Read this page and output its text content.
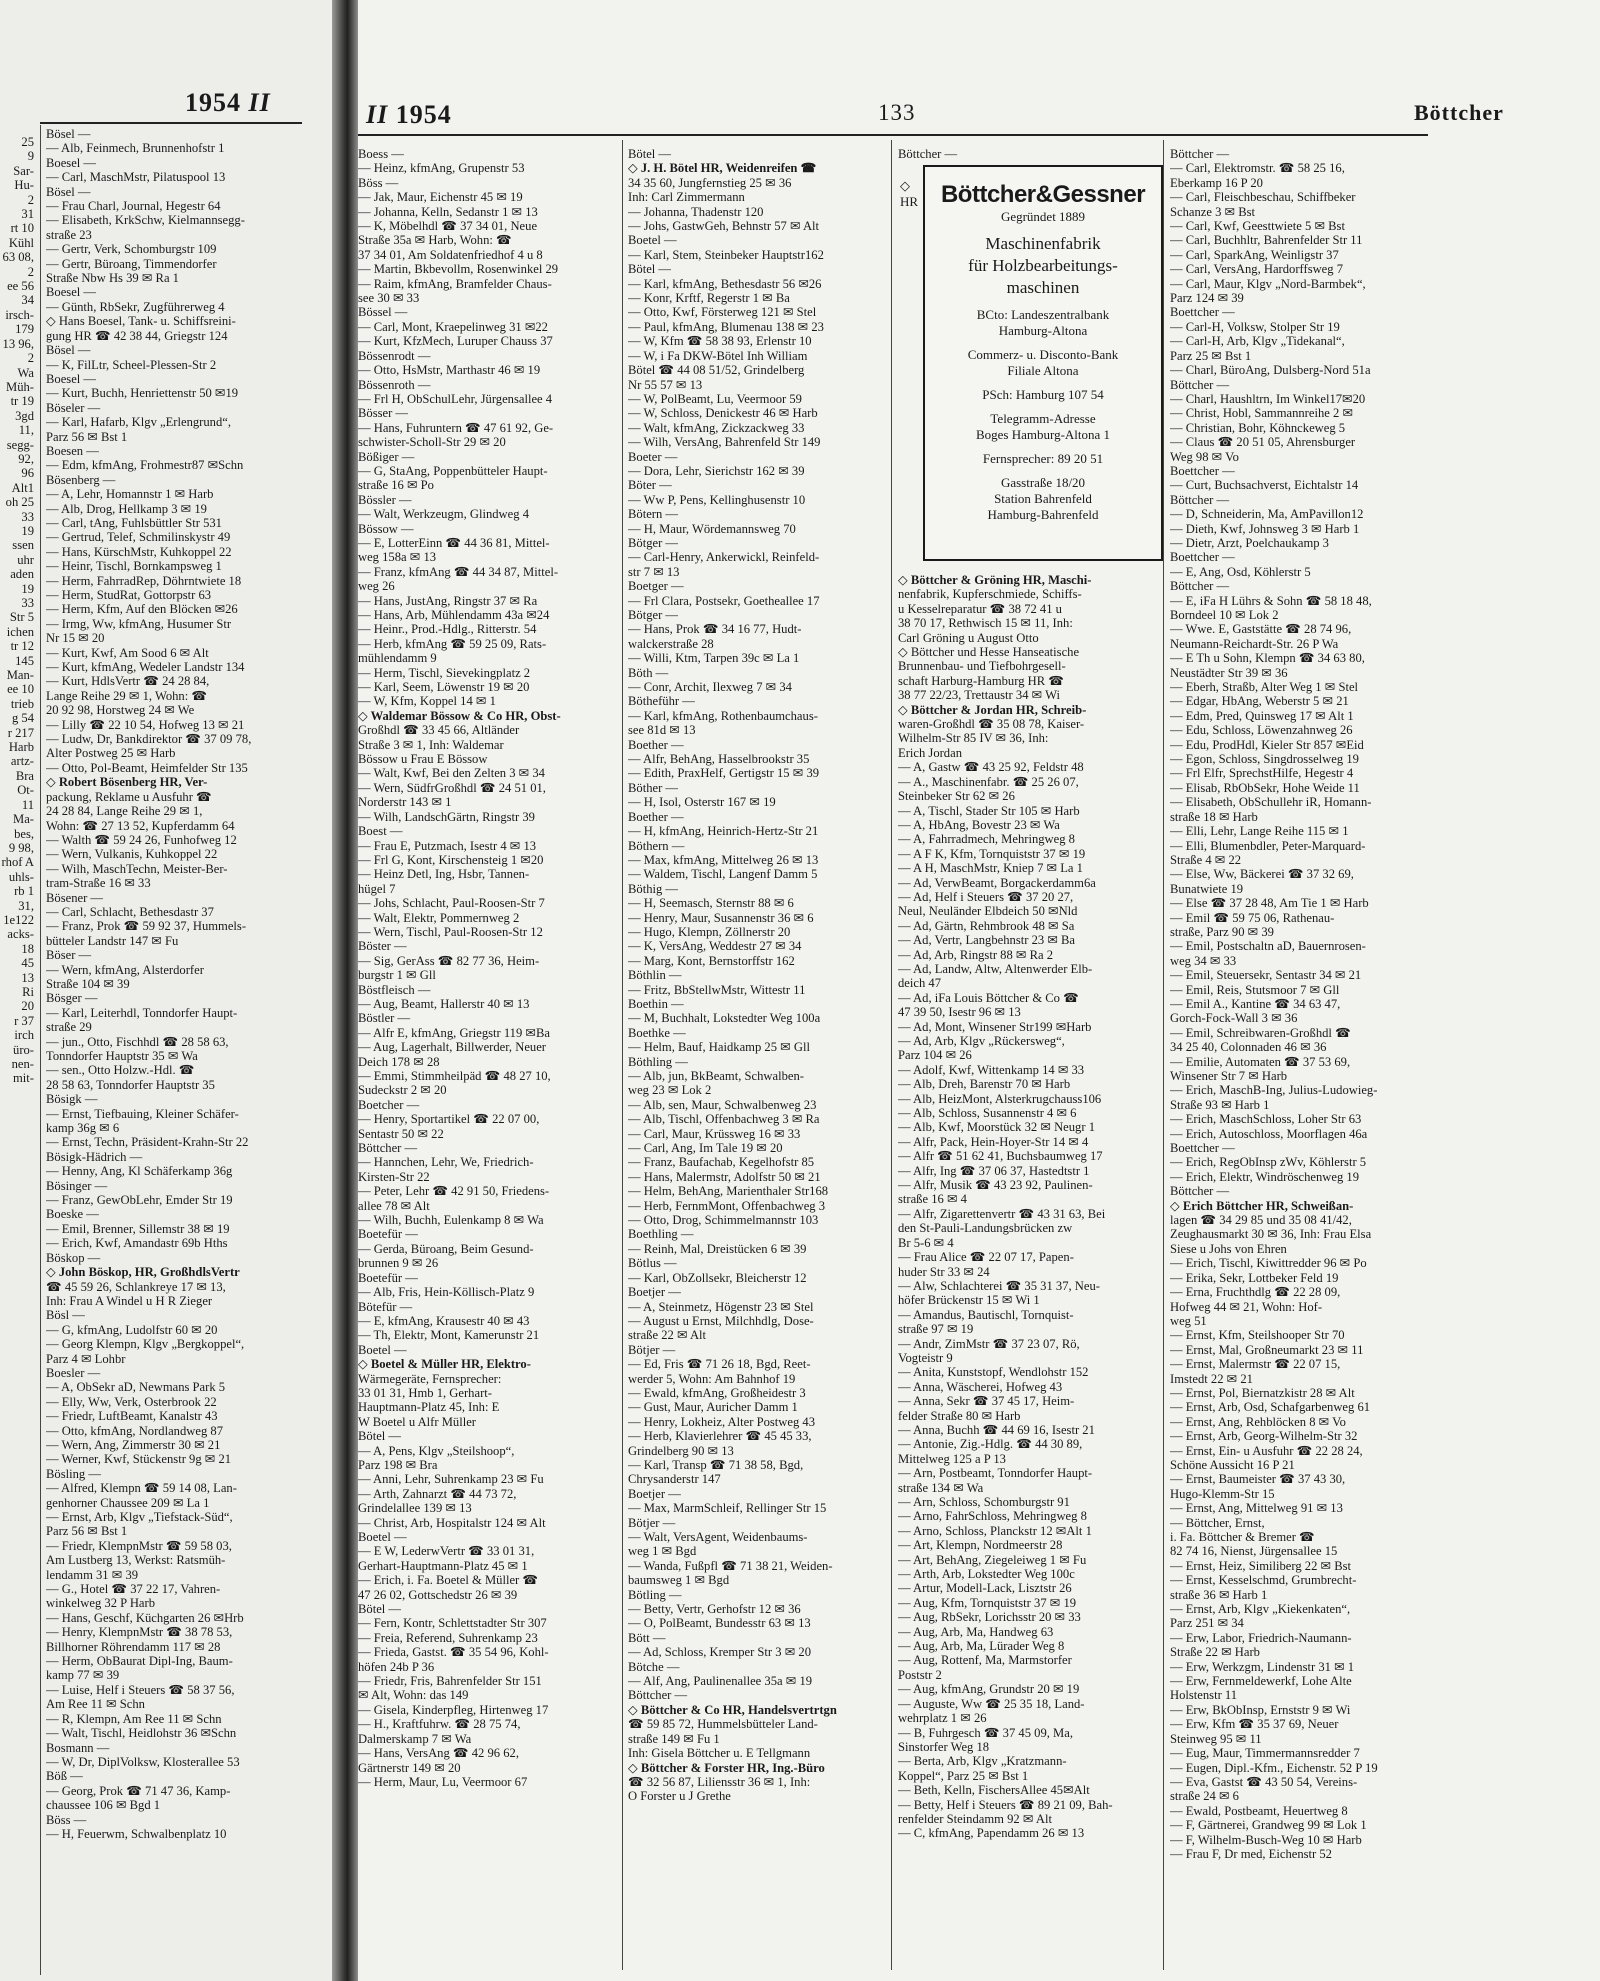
25
9
Sar-
Hu-
2
31
rt 10
Kühl
63 08,
2
ee 56
34
irsch-
179
13 96,
2
Wa
Müh-
tr 19
3gd
11,
segg-
92,
96
Alt1
oh 25
33
19
ssen
uhr
aden
19
33
Str 5
ichen
tr 12
145
Man-
ee 10
trieb
g 54
r 217
Harb
artz-
Bra
Ot-
11
Ma-
bes,
9 98,
rhof A
uhls-
rb 1
31,
1e122
acks-
18
45
13
Ri
20
r 37
irch
üro-
nen-
mit-
1954 II
Bösel —
— Alb, Feinmech, Brunnenhofstr 1
Boesel —
— Carl, MaschMstr, Pilatuspool 13
Bösel —
— Frau Charl, Journal, Hegestr 64
— Elisabeth, KrkSchw, Kielmannsegg-
straße 23
— Gertr, Verk, Schomburgstr 109
— Gertr, Büroang, Timmendorfer
Straße Nbw Hs 39 ✉ Ra 1
Boesel —
— Günth, RbSekr, Zugführerweg 4
◇ Hans Boesel, Tank- u. Schiffsreini-
gung HR ☎ 42 38 44, Griegstr 124
Bösel —
— K, FilLtr, Scheel-Plessen-Str 2
Boesel —
— Kurt, Buchh, Henriettenstr 50 ✉19
Böseler —
— Karl, Hafarb, Klgv „Erlengrund“,
Parz 56 ✉ Bst 1
Boesen —
— Edm, kfmAng, Frohmestr87 ✉Schn
Bösenberg —
— A, Lehr, Homannstr 1 ✉ Harb
— Alb, Drog, Hellkamp 3 ✉ 19
— Carl, tAng, Fuhlsbüttler Str 531
— Gertrud, Telef, Schmilinskystr 49
— Hans, KürschMstr, Kuhkoppel 22
— Heinr, Tischl, Bornkampsweg 1
— Herm, FahrradRep, Döhrntwiete 18
— Herm, StudRat, Gottorpstr 63
— Herm, Kfm, Auf den Blöcken ✉26
— Irmg, Ww, kfmAng, Husumer Str
Nr 15 ✉ 20
— Kurt, Kwf, Am Sood 6 ✉ Alt
— Kurt, kfmAng, Wedeler Landstr 134
— Kurt, HdlsVertr ☎ 24 28 84,
Lange Reihe 29 ✉ 1, Wohn: ☎
20 92 98, Horstweg 24 ✉ We
— Lilly ☎ 22 10 54, Hofweg 13 ✉ 21
— Ludw, Dr, Bankdirektor ☎ 37 09 78,
Alter Postweg 25 ✉ Harb
— Otto, Pol-Beamt, Heimfelder Str 135
◇ Robert Bösenberg HR, Ver-
packung, Reklame u Ausfuhr ☎
24 28 84, Lange Reihe 29 ✉ 1,
Wohn: ☎ 27 13 52, Kupferdamm 64
— Walth ☎ 59 24 26, Funhofweg 12
— Wern, Vulkanis, Kuhkoppel 22
— Wilh, MaschTechn, Meister-Ber-
tram-Straße 16 ✉ 33
Bösener —
— Carl, Schlacht, Bethesdastr 37
— Franz, Prok ☎ 59 92 37, Hummels-
bütteler Landstr 147 ✉ Fu
Böser —
— Wern, kfmAng, Alsterdorfer
Straße 104 ✉ 39
Bösger —
— Karl, Leiterhdl, Tonndorfer Haupt-
straße 29
— jun., Otto, Fischhdl ☎ 28 58 63,
Tonndorfer Hauptstr 35 ✉ Wa
— sen., Otto Holzw.-Hdl. ☎
28 58 63, Tonndorfer Hauptstr 35
Bösigk —
— Ernst, Tiefbauing, Kleiner Schäfer-
kamp 36g ✉ 6
— Ernst, Techn, Präsident-Krahn-Str 22
Bösigk-Hädrich —
— Henny, Ang, Kl Schäferkamp 36g
Bösinger —
— Franz, GewObLehr, Emder Str 19
Boeske —
— Emil, Brenner, Sillemstr 38 ✉ 19
— Erich, Kwf, Amandastr 69b Hths
Böskop —
◇ John Böskop, HR, GroßhdlsVertr
☎ 45 59 26, Schlankreye 17 ✉ 13,
Inh: Frau A Windel u H R Zieger
Bösl —
— G, kfmAng, Ludolfstr 60 ✉ 20
— Georg Klempn, Klgv „Bergkoppel“,
Parz 4 ✉ Lohbr
Boesler —
— A, ObSekr aD, Newmans Park 5
— Elly, Ww, Verk, Osterbrook 22
— Friedr, LuftBeamt, Kanalstr 43
— Otto, kfmAng, Nordlandweg 87
— Wern, Ang, Zimmerstr 30 ✉ 21
— Werner, Kwf, Stückenstr 9g ✉ 21
Bösling —
— Alfred, Klempn ☎ 59 14 08, Lan-
genhorner Chaussee 209 ✉ La 1
— Ernst, Arb, Klgv „Tiefstack-Süd“,
Parz 56 ✉ Bst 1
— Friedr, KlempnMstr ☎ 59 58 03,
Am Lustberg 13, Werkst: Ratsmüh-
lendamm 31 ✉ 39
— G., Hotel ☎ 37 22 17, Vahren-
winkelweg 32 P Harb
— Hans, Geschf, Küchgarten 26 ✉Hrb
— Henry, KlempnMstr ☎ 38 78 53,
Billhorner Röhrendamm 117 ✉ 28
— Herm, ObBaurat Dipl-Ing, Baum-
kamp 77 ✉ 39
— Luise, Helf i Steuers ☎ 58 37 56,
Am Ree 11 ✉ Schn
— R, Klempn, Am Ree 11 ✉ Schn
— Walt, Tischl, Heidlohstr 36 ✉Schn
Bosmann —
— W, Dr, DiplVolksw, Klosterallee 53
Böß —
— Georg, Prok ☎ 71 47 36, Kamp-
chaussee 106 ✉ Bgd 1
Böss —
— H, Feuerwm, Schwalbenplatz 10
II 1954	133	Böttcher
Boess —
— Heinz, kfmAng, Grupenstr 53
Böss —
— Jak, Maur, Eichenstr 45 ✉ 19
— Johanna, Kelln, Sedanstr 1 ✉ 13
— K, Möbelhdl ☎ 37 34 01, Neue
Straße 35a ✉ Harb, Wohn: ☎
37 34 01, Am Soldatenfriedhof 4 u 8
— Martin, Bkbevollm, Rosenwinkel 29
— Raim, kfmAng, Bramfelder Chaus-
see 30 ✉ 33
Bössel —
— Carl, Mont, Kraepelinweg 31 ✉22
— Kurt, KfzMech, Luruper Chauss 37
Bössenrodt —
— Otto, HsMstr, Marthastr 46 ✉ 19
Bössenroth —
— Frl H, ObSchulLehr, Jürgensallee 4
Bösser —
— Hans, Fuhruntern ☎ 47 61 92, Ge-
schwister-Scholl-Str 29 ✉ 20
Bößiger —
— G, StaAng, Poppenbütteler Haupt-
straße 16 ✉ Po
Bössler —
— Walt, Werkzeugm, Glindweg 4
Bössow —
— E, LotterEinn ☎ 44 36 81, Mittel-
weg 158a ✉ 13
— Franz, kfmAng ☎ 44 34 87, Mittel-
weg 26
— Hans, JustAng, Ringstr 37 ✉ Ra
— Hans, Arb, Mühlendamm 43a ✉24
— Heinr., Prod.-Hdlg., Ritterstr. 54
— Herb, kfmAng ☎ 59 25 09, Rats-
mühlendamm 9
— Herm, Tischl, Sievekingplatz 2
— Karl, Seem, Löwenstr 19 ✉ 20
— W, Kfm, Koppel 14 ✉ 1
◇ Waldemar Bössow & Co HR, Obst-
Großhdl ☎ 33 45 66, Altländer
Straße 3 ✉ 1, Inh: Waldemar
Bössow u Frau E Bössow
— Walt, Kwf, Bei den Zelten 3 ✉ 34
— Wern, SüdfrGroßhdl ☎ 24 51 01,
Norderstr 143 ✉ 1
— Wilh, LandschGärtn, Ringstr 39
Boest —
— Frau E, Putzmach, Isestr 4 ✉ 13
— Frl G, Kont, Kirschensteig 1 ✉20
— Heinz Detl, Ing, Hsbr, Tannen-
hügel 7
— Johs, Schlacht, Paul-Roosen-Str 7
— Walt, Elektr, Pommernweg 2
— Wern, Tischl, Paul-Roosen-Str 12
Böster —
— Sig, GerAss ☎ 82 77 36, Heim-
burgstr 1 ✉ Gll
Böstfleisch —
— Aug, Beamt, Hallerstr 40 ✉ 13
Böstler —
— Alfr E, kfmAng, Griegstr 119 ✉Ba
— Aug, Lagerhalt, Billwerder, Neuer
Deich 178 ✉ 28
— Emmi, Stimmheilpäd ☎ 48 27 10,
Sudeckstr 2 ✉ 20
Boetcher —
— Henry, Sportartikel ☎ 22 07 00,
Sentastr 50 ✉ 22
Böttcher —
— Hannchen, Lehr, We, Friedrich-
Kirsten-Str 22
— Peter, Lehr ☎ 42 91 50, Friedens-
allee 78 ✉ Alt
— Wilh, Buchh, Eulenkamp 8 ✉ Wa
Boetefür —
— Gerda, Büroang, Beim Gesund-
brunnen 9 ✉ 26
Boetefür —
— Alb, Fris, Hein-Köllisch-Platz 9
Bötefür —
— E, kfmAng, Krausestr 40 ✉ 43
— Th, Elektr, Mont, Kamerunstr 21
Boetel —
◇ Boetel & Müller HR, Elektro-
Wärmegeräte, Fernsprecher:
33 01 31, Hmb 1, Gerhart-
Hauptmann-Platz 45, Inh: E
W Boetel u Alfr Müller
Bötel —
— A, Pens, Klgv „Steilshoop“,
Parz 198 ✉ Bra
— Anni, Lehr, Suhrenkamp 23 ✉ Fu
— Arth, Zahnarzt ☎ 44 73 72,
Grindelallee 139 ✉ 13
— Christ, Arb, Hospitalstr 124 ✉ Alt
Boetel —
— E W, LederwVertr ☎ 33 01 31,
Gerhart-Hauptmann-Platz 45 ✉ 1
— Erich, i. Fa. Boetel & Müller ☎
47 26 02, Gottschedstr 26 ✉ 39
Bötel —
— Fern, Kontr, Schlettstadter Str 307
— Freia, Referend, Suhrenkamp 23
— Frieda, Gastst. ☎ 35 54 96, Kohl-
höfen 24b P 36
— Friedr, Fris, Bahrenfelder Str 151
✉ Alt, Wohn: das 149
— Gisela, Kinderpfleg, Hirtenweg 17
— H., Kraftfuhrw. ☎ 28 75 74,
Dalmerskamp 7 ✉ Wa
— Hans, VersAng ☎ 42 96 62,
Gärtnerstr 149 ✉ 20
— Herm, Maur, Lu, Veermoor 67
Bötel —
◇ J. H. Bötel HR, Weidenreifen ☎
34 35 60, Jungfernstieg 25 ✉ 36
Inh: Carl Zimmermann
— Johanna, Thadenstr 120
— Johs, GastwGeh, Behnstr 57 ✉ Alt
Boetel —
— Karl, Stem, Steinbeker Hauptstr162
Bötel —
— Karl, kfmAng, Bethesdastr 56 ✉26
— Konr, Krftf, Regerstr 1 ✉ Ba
— Otto, Kwf, Försterweg 121 ✉ Stel
— Paul, kfmAng, Blumenau 138 ✉ 23
— W, Kfm ☎ 58 38 93, Erlenstr 10
— W, i Fa DKW-Bötel Inh William
Bötel ☎ 44 08 51/52, Grindelberg
Nr 55 57 ✉ 13
— W, PolBeamt, Lu, Veermoor 59
— W, Schloss, Denickestr 46 ✉ Harb
— Walt, kfmAng, Zickzackweg 33
— Wilh, VersAng, Bahrenfeld Str 149
Boeter —
— Dora, Lehr, Sierichstr 162 ✉ 39
Böter —
— Ww P, Pens, Kellinghusenstr 10
Bötern —
— H, Maur, Wördemannsweg 70
Bötger —
— Carl-Henry, Ankerwickl, Reinfeld-
str 7 ✉ 13
Boetger —
— Frl Clara, Postsekr, Goetheallee 17
Bötger —
— Hans, Prok ☎ 34 16 77, Hudt-
walckerstraße 28
— Willi, Ktm, Tarpen 39c ✉ La 1
Böth —
— Conr, Archit, Ilexweg 7 ✉ 34
Bötheführ —
— Karl, kfmAng, Rothenbaumchaus-
see 81d ✉ 13
Boether —
— Alfr, BehAng, Hasselbrookstr 35
— Edith, PraxHelf, Gertigstr 15 ✉ 39
Böther —
— H, Isol, Osterstr 167 ✉ 19
Boether —
— H, kfmAng, Heinrich-Hertz-Str 21
Böthern —
— Max, kfmAng, Mittelweg 26 ✉ 13
— Waldem, Tischl, Langenf Damm 5
Böthig —
— H, Seemasch, Sternstr 88 ✉ 6
— Henry, Maur, Susannenstr 36 ✉ 6
— Hugo, Klempn, Zöllnerstr 20
— K, VersAng, Weddestr 27 ✉ 34
— Marg, Kont, Bernstorffstr 162
Böthlin —
— Fritz, BbStellwMstr, Wittestr 11
Boethin —
— M, Buchhalt, Lokstedter Weg 100a
Boethke —
— Helm, Bauf, Haidkamp 25 ✉ Gll
Böthling —
— Alb, jun, BkBeamt, Schwalben-
weg 23 ✉ Lok 2
— Alb, sen, Maur, Schwalbenweg 23
— Alb, Tischl, Offenbachweg 3 ✉ Ra
— Carl, Maur, Krüssweg 16 ✉ 33
— Carl, Ang, Im Tale 19 ✉ 20
— Franz, Baufachab, Kegelhofstr 85
— Hans, Malermstr, Adolfstr 50 ✉ 21
— Helm, BehAng, Marienthaler Str168
— Herb, FernmMont, Offenbachweg 3
— Otto, Drog, Schimmelmannstr 103
Boethling —
— Reinh, Mal, Dreistücken 6 ✉ 39
Bötlus —
— Karl, ObZollsekr, Bleicherstr 12
Boetjer —
— A, Steinmetz, Högenstr 23 ✉ Stel
— August u Ernst, Milchhdlg, Dose-
straße 22 ✉ Alt
Bötjer —
— Ed, Fris ☎ 71 26 18, Bgd, Reet-
werder 5, Wohn: Am Bahnhof 19
— Ewald, kfmAng, Großheidestr 3
— Gust, Maur, Auricher Damm 1
— Henry, Lokheiz, Alter Postweg 43
— Herb, Klavierlehrer ☎ 45 45 33,
Grindelberg 90 ✉ 13
— Karl, Transp ☎ 71 38 58, Bgd,
Chrysanderstr 147
Boetjer —
— Max, MarmSchleif, Rellinger Str 15
Bötjer —
— Walt, VersAgent, Weidenbaums-
weg 1 ✉ Bgd
— Wanda, Fußpfl ☎ 71 38 21, Weiden-
baumsweg 1 ✉ Bgd
Bötling —
— Betty, Vertr, Gerhofstr 12 ✉ 36
— O, PolBeamt, Bundesstr 63 ✉ 13
Bött —
— Ad, Schloss, Kremper Str 3 ✉ 20
Bötche —
— Alf, Ang, Paulinenallee 35a ✉ 19
Böttcher —
◇ Böttcher & Co HR, Handelsvertrtgn
☎ 59 85 72, Hummelsbütteler Land-
straße 149 ✉ Fu 1
Inh: Gisela Böttcher u. E Tellgmann
◇ Böttcher & Forster HR, Ing.-Büro
☎ 32 56 87, Liliensstr 36 ✉ 1, Inh:
O Forster u J Grethe
Böttcher —
◇
HR Böttcher&Gessner
Gegründet 1889
Maschinenfabrik
für Holzbearbeitungs-
maschinen
BCto: Landeszentralbank
Hamburg-Altona
Commerz- u. Disconto-Bank
Filiale Altona
PSch: Hamburg 107 54
Telegramm-Adresse
Boges Hamburg-Altona 1
Fernsprecher: 89 20 51
Gasstraße 18/20
Station Bahrenfeld
Hamburg-Bahrenfeld
◇ Böttcher & Gröning HR, Maschi-
nenfabrik, Kupferschmiede, Schiffs-
u Kesselreparatur ☎ 38 72 41 u
38 70 17, Rethwisch 15 ✉ 11, Inh:
Carl Gröning u August Otto
◇ Böttcher und Hesse Hanseatische
Brunnenbau- und Tiefbohrgesell-
schaft Harburg-Hamburg HR ☎
38 77 22/23, Trettaustr 34 ✉ Wi
◇ Böttcher & Jordan HR, Schreib-
waren-Großhdl ☎ 35 08 78, Kaiser-
Wilhelm-Str 85 IV ✉ 36, Inh:
Erich Jordan
— A, Gastw ☎ 43 25 92, Feldstr 48
— A., Maschinenfabr. ☎ 25 26 07,
Steinbeker Str 62 ✉ 26
— A, Tischl, Stader Str 105 ✉ Harb
— A, HbAng, Bovestr 23 ✉ Wa
— A, Fahrradmech, Mehringweg 8
— A F K, Kfm, Tornquiststr 37 ✉ 19
— A H, MaschMstr, Kniep 7 ✉ La 1
— Ad, VerwBeamt, Borgackerdamm6a
— Ad, Helf i Steuers ☎ 37 20 27,
Neul, Neuländer Elbdeich 50 ✉Nld
— Ad, Gärtn, Rehmbrook 48 ✉ Sa
— Ad, Vertr, Langbehnstr 23 ✉ Ba
— Ad, Arb, Ringstr 88 ✉ Ra 2
— Ad, Landw, Altw, Altenwerder Elb-
deich 47
— Ad, iFa Louis Böttcher & Co ☎
47 39 50, Isestr 96 ✉ 13
— Ad, Mont, Winsener Str199 ✉Harb
— Ad, Arb, Klgv „Rückersweg“,
Parz 104 ✉ 26
— Adolf, Kwf, Wittenkamp 14 ✉ 33
— Alb, Dreh, Barenstr 70 ✉ Harb
— Alb, HeizMont, Alsterkrugchauss106
— Alb, Schloss, Susannenstr 4 ✉ 6
— Alb, Kwf, Moorstück 32 ✉ Neugr 1
— Alfr, Pack, Hein-Hoyer-Str 14 ✉ 4
— Alfr ☎ 51 62 41, Buchsbaumweg 17
— Alfr, Ing ☎ 37 06 37, Hastedtstr 1
— Alfr, Musik ☎ 43 23 92, Paulinen-
straße 16 ✉ 4
— Alfr, Zigarettenvertr ☎ 43 31 63, Bei
den St-Pauli-Landungsbrücken zw
Br 5-6 ✉ 4
— Frau Alice ☎ 22 07 17, Papen-
huder Str 33 ✉ 24
— Alw, Schlachterei ☎ 35 31 37, Neu-
höfer Brückenstr 15 ✉ Wi 1
— Amandus, Bautischl, Tornquist-
straße 97 ✉ 19
— Andr, ZimMstr ☎ 37 23 07, Rö,
Vogteistr 9
— Anita, Kunststopf, Wendlohstr 152
— Anna, Wäscherei, Hofweg 43
— Anna, Sekr ☎ 37 45 17, Heim-
felder Straße 80 ✉ Harb
— Anna, Buchh ☎ 44 69 16, Isestr 21
— Antonie, Zig.-Hdlg. ☎ 44 30 89,
Mittelweg 125 a P 13
— Arn, Postbeamt, Tonndorfer Haupt-
straße 134 ✉ Wa
— Arn, Schloss, Schomburgstr 91
— Arno, FahrSchloss, Mehringweg 8
— Arno, Schloss, Planckstr 12 ✉Alt 1
— Art, Klempn, Nordmeerstr 28
— Art, BehAng, Ziegeleiweg 1 ✉ Fu
— Arth, Arb, Lokstedter Weg 100c
— Artur, Modell-Lack, Lisztstr 26
— Aug, Kfm, Tornquiststr 37 ✉ 19
— Aug, RbSekr, Lorichsstr 20 ✉ 33
— Aug, Arb, Ma, Handweg 63
— Aug, Arb, Ma, Lürader Weg 8
— Aug, Rottenf, Ma, Marmstorfer
Poststr 2
— Aug, kfmAng, Grundstr 20 ✉ 19
— Auguste, Ww ☎ 25 35 18, Land-
wehrplatz 1 ✉ 26
— B, Fuhrgesch ☎ 37 45 09, Ma,
Sinstorfer Weg 18
— Berta, Arb, Klgv „Kratzmann-
Koppel“, Parz 25 ✉ Bst 1
— Beth, Kelln, FischersAllee 45✉Alt
— Betty, Helf i Steuers ☎ 89 21 09, Bah-
renfelder Steindamm 92 ✉ Alt
— C, kfmAng, Papendamm 26 ✉ 13
Böttcher —
— Carl, Elektromstr. ☎ 58 25 16,
Eberkamp 16 P 20
— Carl, Fleischbeschau, Schiffbeker
Schanze 3 ✉ Bst
— Carl, Kwf, Geesttwiete 5 ✉ Bst
— Carl, Buchhltr, Bahrenfelder Str 11
— Carl, SparkAng, Weinligstr 37
— Carl, VersAng, Hardorffsweg 7
— Carl, Maur, Klgv „Nord-Barmbek“,
Parz 124 ✉ 39
Boettcher —
— Carl-H, Volksw, Stolper Str 19
— Carl-H, Arb, Klgv „Tidekanal“,
Parz 25 ✉ Bst 1
— Charl, BüroAng, Dulsberg-Nord 51a
Böttcher —
— Charl, Haushltrn, Im Winkel17✉20
— Christ, Hobl, Sammannreihe 2 ✉
— Christian, Bohr, Köhnckeweg 5
— Claus ☎ 20 51 05, Ahrensburger
Weg 98 ✉ Vo
Boettcher —
— Curt, Buchsachverst, Eichtalstr 14
Böttcher —
— D, Schneiderin, Ma, AmPavillon12
— Dieth, Kwf, Johnsweg 3 ✉ Harb 1
— Dietr, Arzt, Poelchaukamp 3
Boettcher —
— E, Ang, Osd, Köhlerstr 5
Böttcher —
— E, iFa H Lührs & Sohn ☎ 58 18 48,
Borndeel 10 ✉ Lok 2
— Wwe. E, Gaststätte ☎ 28 74 96,
Neumann-Reichardt-Str. 26 P Wa
— E Th u Sohn, Klempn ☎ 34 63 80,
Neustädter Str 39 ✉ 36
— Eberh, Straßb, Alter Weg 1 ✉ Stel
— Edgar, HbAng, Weberstr 5 ✉ 21
— Edm, Pred, Quinsweg 17 ✉ Alt 1
— Edu, Schloss, Löwenzahnweg 26
— Edu, ProdHdl, Kieler Str 857 ✉Eid
— Egon, Schloss, Singdrosselweg 19
— Frl Elfr, SprechstHilfe, Hegestr 4
— Elisab, RbObSekr, Hohe Weide 11
— Elisabeth, ObSchullehr iR, Homann-
straße 18 ✉ Harb
— Elli, Lehr, Lange Reihe 115 ✉ 1
— Elli, Blumenbdler, Peter-Marquard-
Straße 4 ✉ 22
— Else, Ww, Bäckerei ☎ 37 32 69,
Bunatwiete 19
— Else ☎ 37 28 48, Am Tie 1 ✉ Harb
— Emil ☎ 59 75 06, Rathenau-
straße, Parz 90 ✉ 39
— Emil, Postschaltn aD, Bauernrosen-
weg 34 ✉ 33
— Emil, Steuersekr, Sentastr 34 ✉ 21
— Emil, Reis, Stutsmoor 7 ✉ Gll
— Emil A., Kantine ☎ 34 63 47,
Gorch-Fock-Wall 3 ✉ 36
— Emil, Schreibwaren-Großhdl ☎
34 25 40, Colonnaden 46 ✉ 36
— Emilie, Automaten ☎ 37 53 69,
Winsener Str 7 ✉ Harb
— Erich, MaschB-Ing, Julius-Ludowieg-
Straße 93 ✉ Harb 1
— Erich, MaschSchloss, Loher Str 63
— Erich, Autoschloss, Moorflagen 46a
Boettcher —
— Erich, RegObInsp zWv, Köhlerstr 5
— Erich, Elektr, Windröschenweg 19
Böttcher —
◇ Erich Böttcher HR, Schweißan-
lagen ☎ 34 29 85 und 35 08 41/42,
Zeughausmarkt 30 ✉ 36, Inh: Frau Elsa
Siese u Johs von Ehren
— Erich, Tischl, Kiwittredder 96 ✉ Po
— Erika, Sekr, Lottbeker Feld 19
— Erna, Fruchthdlg ☎ 22 28 09,
Hofweg 44 ✉ 21, Wohn: Hof-
weg 51
— Ernst, Kfm, Steilshooper Str 70
— Ernst, Mal, Großneumarkt 23 ✉ 11
— Ernst, Malermstr ☎ 22 07 15,
Imstedt 22 ✉ 21
— Ernst, Pol, Biernatzkistr 28 ✉ Alt
— Ernst, Arb, Osd, Schafgarbenweg 61
— Ernst, Ang, Rehblöcken 8 ✉ Vo
— Ernst, Arb, Georg-Wilhelm-Str 32
— Ernst, Ein- u Ausfuhr ☎ 22 28 24,
Schöne Aussicht 16 P 21
— Ernst, Baumeister ☎ 37 43 30,
Hugo-Klemm-Str 15
— Ernst, Ang, Mittelweg 91 ✉ 13
— Böttcher, Ernst,
i. Fa. Böttcher & Bremer ☎
82 74 16, Nienst, Jürgensallee 15
— Ernst, Heiz, Similiberg 22 ✉ Bst
— Ernst, Kesselschmd, Grumbrecht-
straße 36 ✉ Harb 1
— Ernst, Arb, Klgv „Kiekenkaten“,
Parz 251 ✉ 34
— Erw, Labor, Friedrich-Naumann-
Straße 22 ✉ Harb
— Erw, Werkzgm, Lindenstr 31 ✉ 1
— Erw, Fernmeldewerkf, Lohe Alte
Holstenstr 11
— Erw, BkObInsp, Ernststr 9 ✉ Wi
— Erw, Kfm ☎ 35 37 69, Neuer
Steinweg 95 ✉ 11
— Eug, Maur, Timmermannsredder 7
— Eugen, Dipl.-Kfm., Eichenstr. 52 P 19
— Eva, Gastst ☎ 43 50 54, Vereins-
straße 24 ✉ 6
— Ewald, Postbeamt, Heuertweg 8
— F, Gärtnerei, Grandweg 99 ✉ Lok 1
— F, Wilhelm-Busch-Weg 10 ✉ Harb
— Frau F, Dr med, Eichenstr 52
